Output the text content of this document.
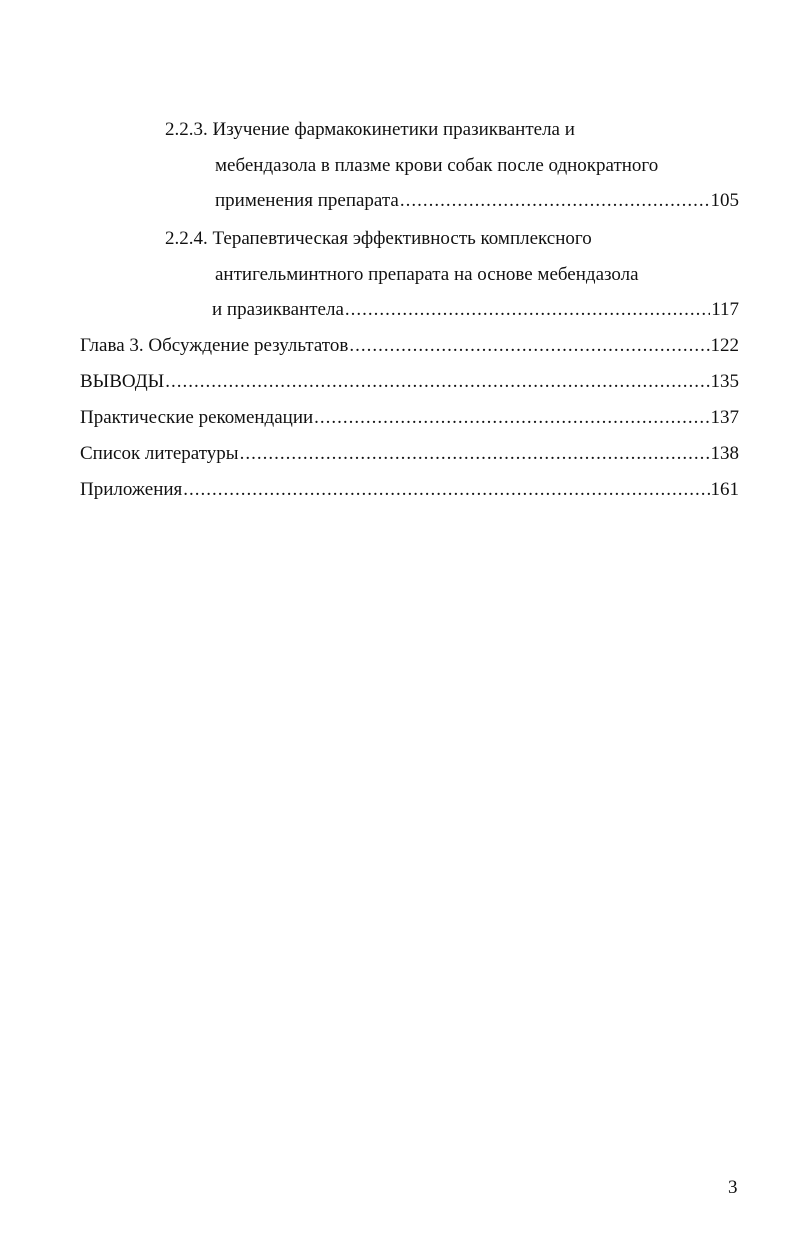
2.2.3. Изучение фармакокинетики празиквантела и
мебендазола в плазме крови собак после однократного
применения препарата .....	105
2.2.4. Терапевтическая эффективность комплексного
антигельминтного препарата на основе мебендазола
и празиквантела .....	117
Глава 3. Обсуждение результатов .....	122
ВЫВОДЫ .....	135
Практические рекомендации .....	137
Список литературы .....	138
Приложения .....	161
3
